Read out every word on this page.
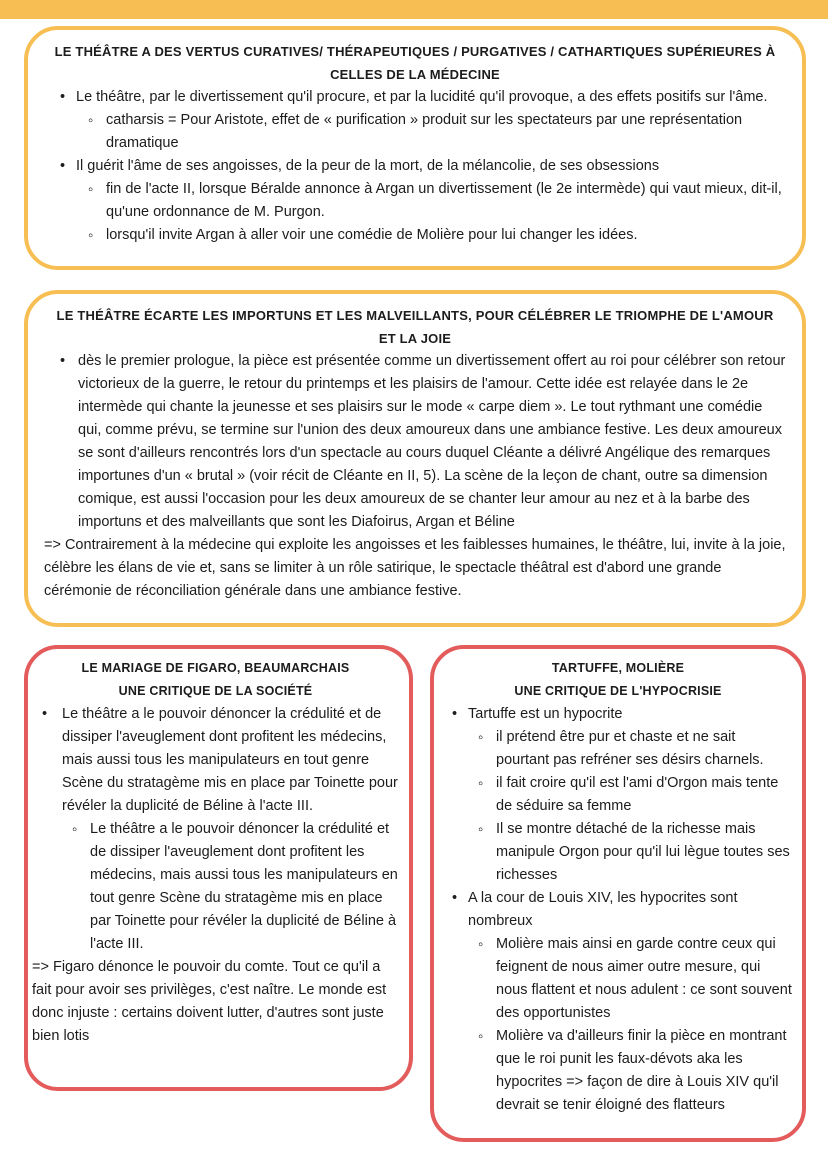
LE THÉÂTRE A DES VERTUS CURATIVES/ THÉRAPEUTIQUES / PURGATIVES / CATHARTIQUES SUPÉRIEURES À CELLES DE LA MÉDECINE
• Le théâtre, par le divertissement qu'il procure, et par la lucidité qu'il provoque, a des effets positifs sur l'âme.
◦ catharsis = Pour Aristote, effet de « purification » produit sur les spectateurs par une représentation dramatique
• Il guérit l'âme de ses angoisses, de la peur de la mort, de la mélancolie, de ses obsessions
◦ fin de l'acte II, lorsque Béralde annonce à Argan un divertissement (le 2e intermède) qui vaut mieux, dit-il, qu'une ordonnance de M. Purgon.
◦ lorsqu'il invite Argan à aller voir une comédie de Molière pour lui changer les idées.
LE THÉÂTRE ÉCARTE LES IMPORTUNS ET LES MALVEILLANTS, POUR CÉLÉBRER LE TRIOMPHE DE L'AMOUR ET LA JOIE
• dès le premier prologue, la pièce est présentée comme un divertissement offert au roi pour célébrer son retour victorieux de la guerre, le retour du printemps et les plaisirs de l'amour. Cette idée est relayée dans le 2e intermède qui chante la jeunesse et ses plaisirs sur le mode « carpe diem ». Le tout rythmant une comédie qui, comme prévu, se termine sur l'union des deux amoureux dans une ambiance festive. Les deux amoureux se sont d'ailleurs rencontrés lors d'un spectacle au cours duquel Cléante a délivré Angélique des remarques importunes d'un « brutal » (voir récit de Cléante en II, 5). La scène de la leçon de chant, outre sa dimension comique, est aussi l'occasion pour les deux amoureux de se chanter leur amour au nez et à la barbe des importuns et des malveillants que sont les Diafoirus, Argan et Béline
=> Contrairement à la médecine qui exploite les angoisses et les faiblesses humaines, le théâtre, lui, invite à la joie, célèbre les élans de vie et, sans se limiter à un rôle satirique, le spectacle théâtral est d'abord une grande cérémonie de réconciliation générale dans une ambiance festive.
LE MARIAGE DE FIGARO, BEAUMARCHAIS
UNE CRITIQUE DE LA SOCIÉTÉ
• Le théâtre a le pouvoir dénoncer la crédulité et de dissiper l'aveuglement dont profitent les médecins, mais aussi tous les manipulateurs en tout genre Scène du stratagème mis en place par Toinette pour révéler la duplicité de Béline à l'acte III.
◦ Le théâtre a le pouvoir dénoncer la crédulité et de dissiper l'aveuglement dont profitent les médecins, mais aussi tous les manipulateurs en tout genre Scène du stratagème mis en place par Toinette pour révéler la duplicité de Béline à l'acte III.
=> Figaro dénonce le pouvoir du comte. Tout ce qu'il a fait pour avoir ses privilèges, c'est naître. Le monde est donc injuste : certains doivent lutter, d'autres sont juste bien lotis
TARTUFFE, MOLIÈRE
UNE CRITIQUE DE L'HYPOCRISIE
• Tartuffe est un hypocrite
◦ il prétend être pur et chaste et ne sait pourtant pas refréner ses désirs charnels.
◦ il fait croire qu'il est l'ami d'Orgon mais tente de séduire sa femme
◦ Il se montre détaché de la richesse mais manipule Orgon pour qu'il lui lègue toutes ses richesses
• A la cour de Louis XIV, les hypocrites sont nombreux
◦ Molière mais ainsi en garde contre ceux qui feignent de nous aimer outre mesure, qui nous flattent et nous adulent : ce sont souvent des opportunistes
◦ Molière va d'ailleurs finir la pièce en montrant que le roi punit les faux-dévots aka les hypocrites => façon de dire à Louis XIV qu'il devrait se tenir éloigné des flatteurs
